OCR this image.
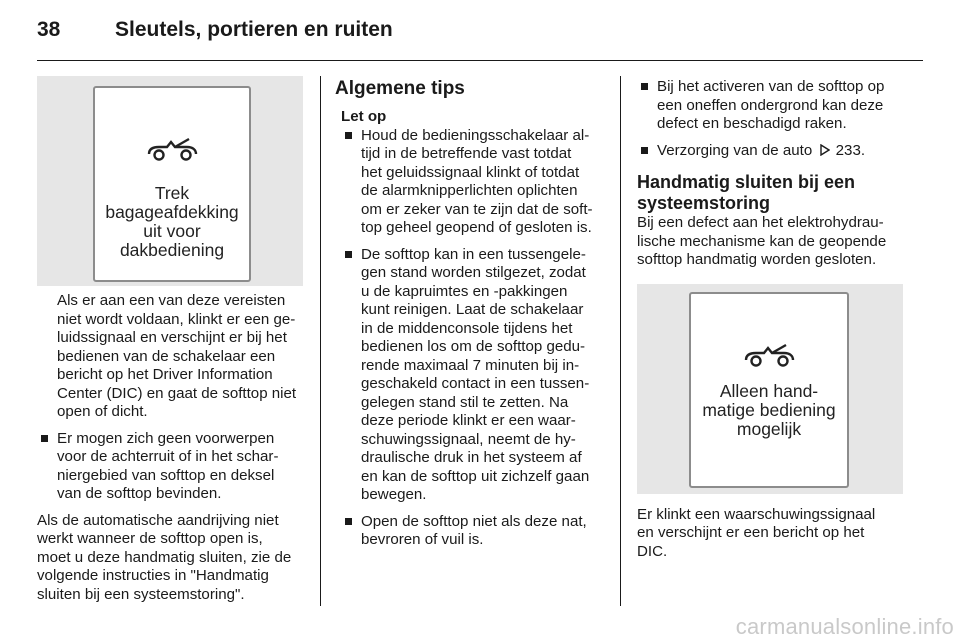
38	Sleutels, portieren en ruiten
Trek
bagageafdekking
uit voor
dakbediening
Als er aan een van deze vereisten
niet wordt voldaan, klinkt er een ge-
luidssignaal en verschijnt er bij het
bedienen van de schakelaar een
bericht op het Driver Information
Center (DIC) en gaat de softtop niet
open of dicht.
Er mogen zich geen voorwerpen
voor de achterruit of in het schar-
niergebied van softtop en deksel
van de softtop bevinden.
Als de automatische aandrijving niet
werkt wanneer de softtop open is,
moet u deze handmatig sluiten, zie de
volgende instructies in "Handmatig
sluiten bij een systeemstoring".
Algemene tips
Let op
Houd de bedieningsschakelaar al-
tijd in de betreffende vast totdat
het geluidssignaal klinkt of totdat
de alarmknipperlichten oplichten
om er zeker van te zijn dat de soft-
top geheel geopend of gesloten is.
De softtop kan in een tussengele-
gen stand worden stilgezet, zodat
u de kapruimtes en -pakkingen
kunt reinigen. Laat de schakelaar
in de middenconsole tijdens het
bedienen los om de softtop gedu-
rende maximaal 7 minuten bij in-
geschakeld contact in een tussen-
gelegen stand stil te zetten. Na
deze periode klinkt er een waar-
schuwingssignaal, neemt de hy-
draulische druk in het systeem af
en kan de softtop uit zichzelf gaan
bewegen.
Open de softtop niet als deze nat,
bevroren of vuil is.
Bij het activeren van de softtop op
een oneffen ondergrond kan deze
defect en beschadigd raken.
Verzorging van de auto 233.
Handmatig sluiten bij een
systeemstoring
Bij een defect aan het elektrohydrau-
lische mechanisme kan de geopende
softtop handmatig worden gesloten.
Alleen hand-
matige bediening
mogelijk
Er klinkt een waarschuwingssignaal
en verschijnt er een bericht op het
DIC.
carmanualsonline.info
